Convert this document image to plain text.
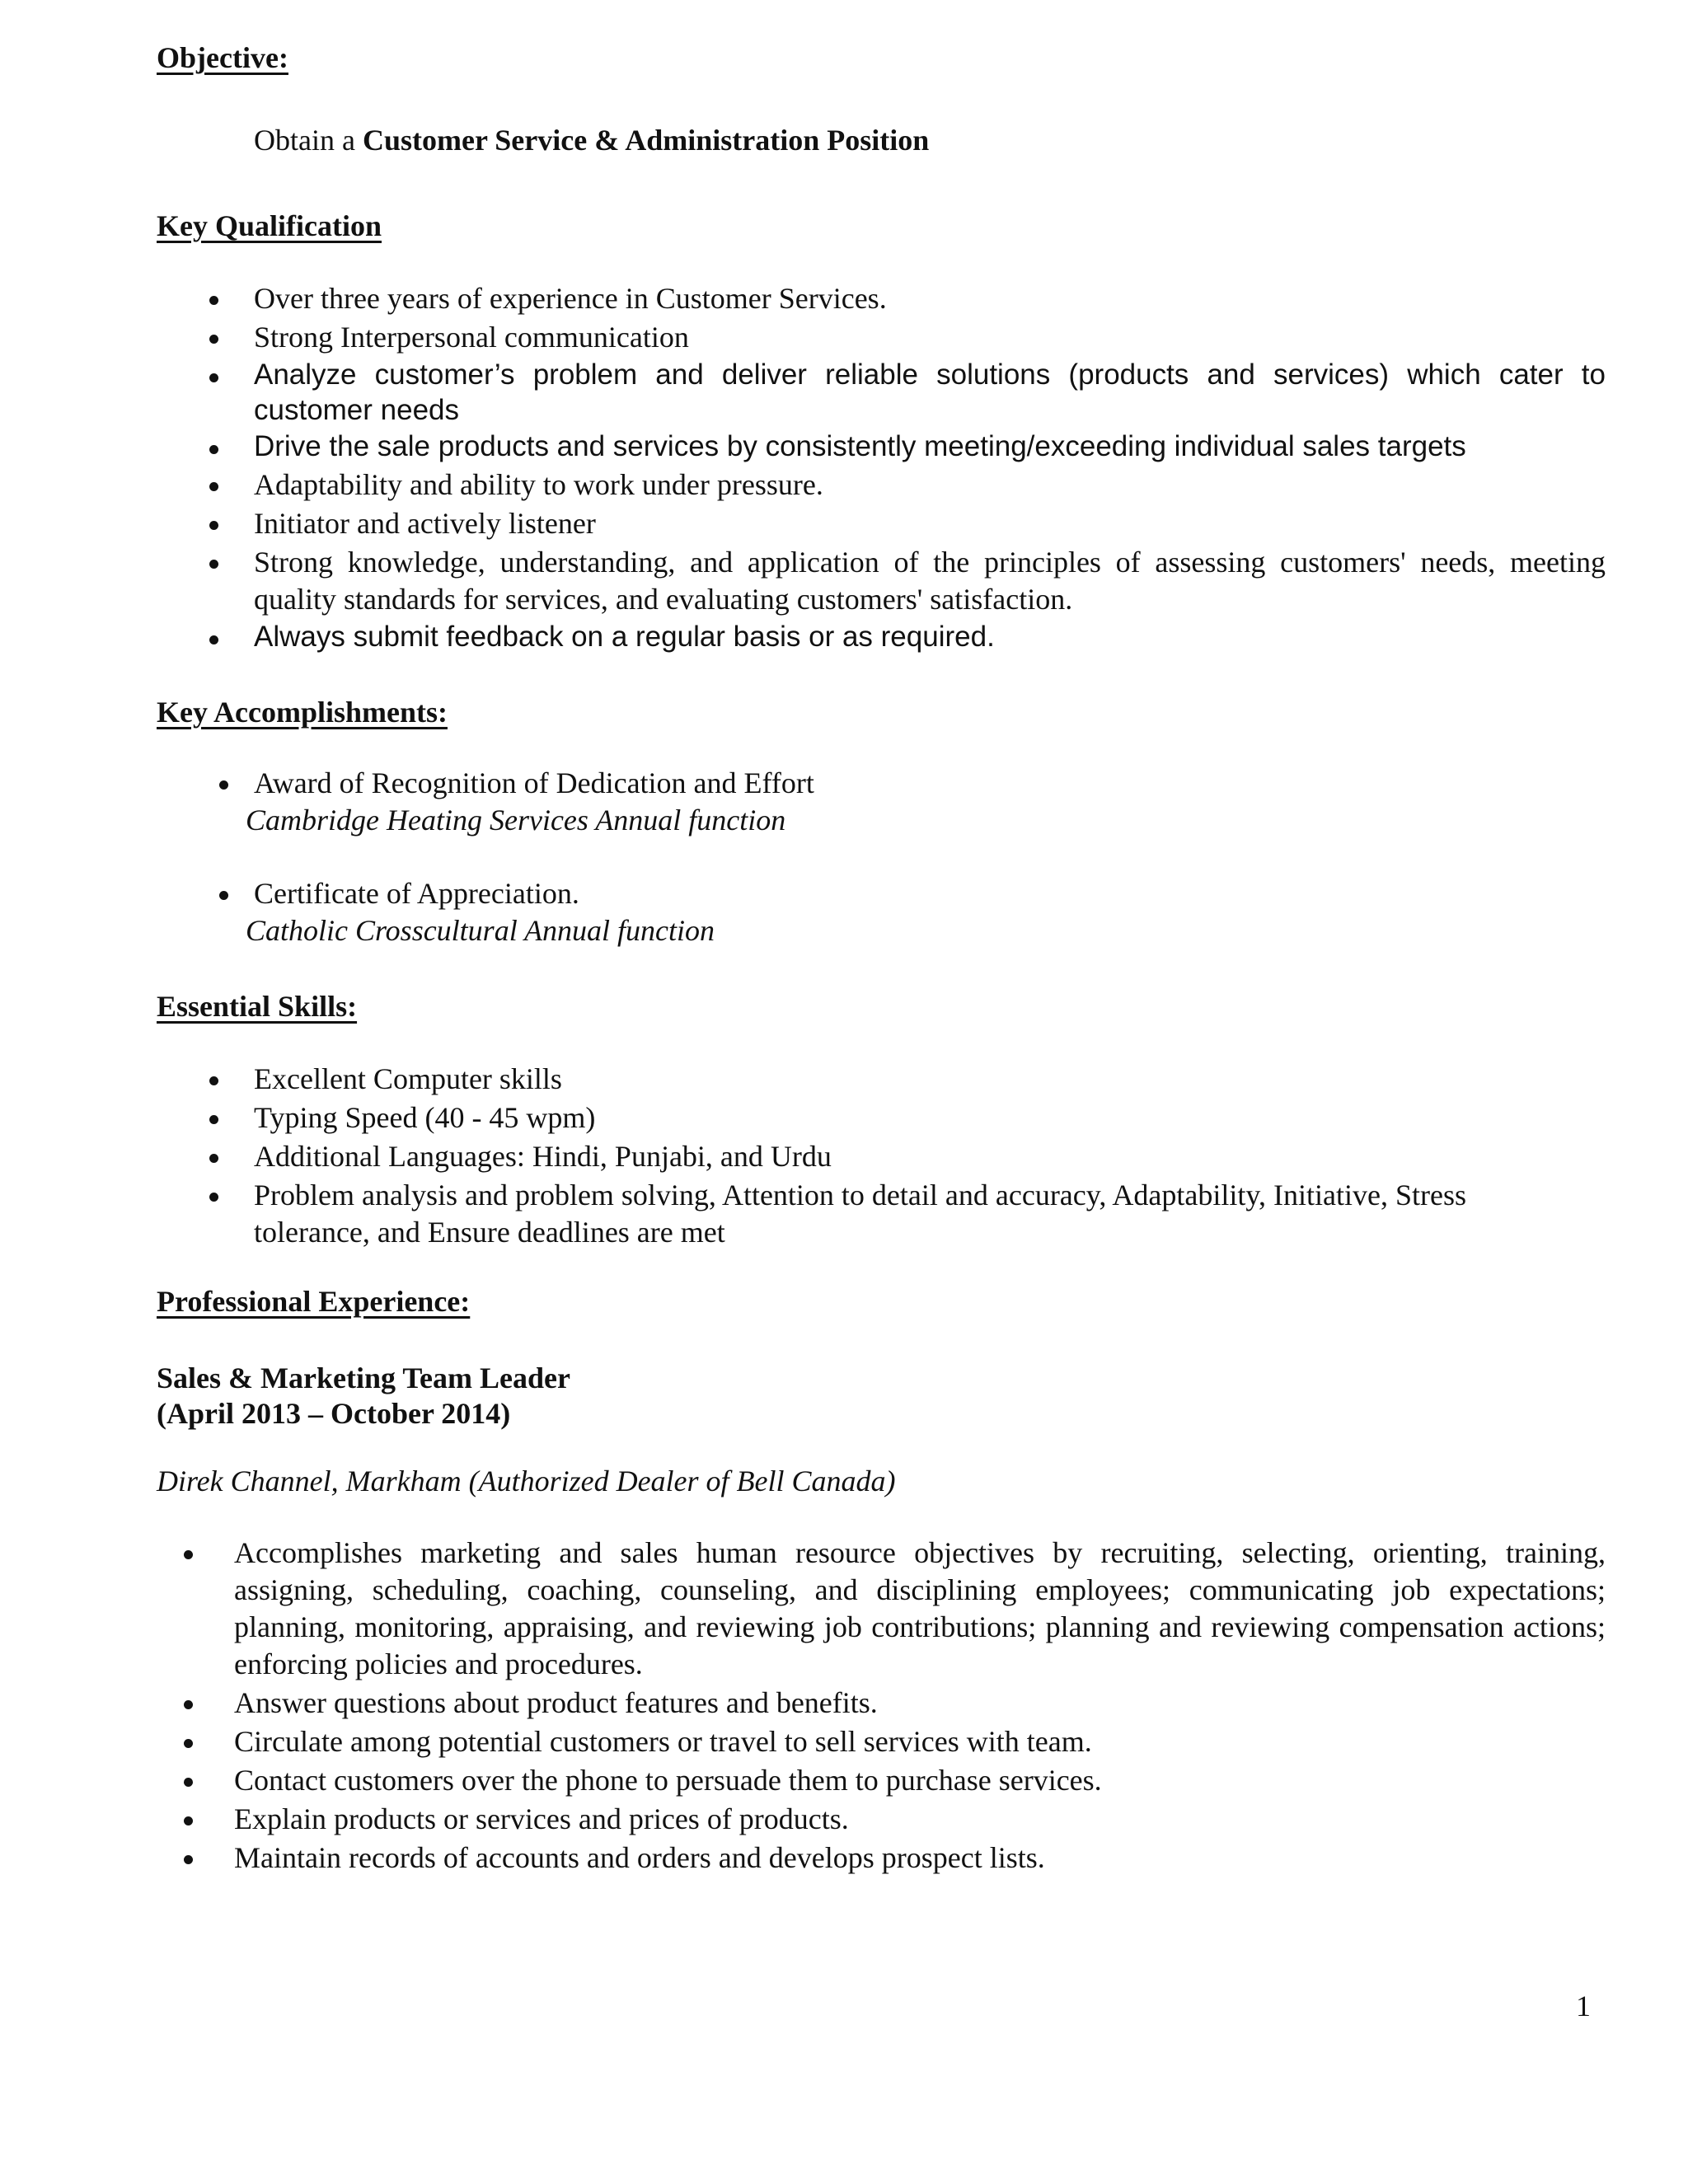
Objective:
Obtain a Customer Service & Administration Position
Key Qualification
Over three years of experience in Customer Services.
Strong Interpersonal communication
Analyze customer’s problem and deliver reliable solutions (products and services) which cater to customer needs
Drive the sale products and services by consistently meeting/exceeding individual sales targets
Adaptability and ability to work under pressure.
Initiator and actively listener
Strong knowledge, understanding, and application of the principles of assessing customers' needs, meeting quality standards for services, and evaluating customers' satisfaction.
Always submit feedback on a regular basis or as required.
Key Accomplishments:
Award of Recognition of Dedication and Effort
Cambridge Heating Services Annual function
Certificate of Appreciation.
Catholic Crosscultural Annual function
Essential Skills:
Excellent Computer skills
Typing Speed (40 - 45 wpm)
Additional Languages: Hindi, Punjabi, and Urdu
Problem analysis and problem solving, Attention to detail and accuracy, Adaptability, Initiative, Stress tolerance, and Ensure deadlines are met
Professional Experience:
Sales & Marketing Team Leader
(April 2013 – October 2014)
Direk Channel, Markham (Authorized Dealer of Bell Canada)
Accomplishes marketing and sales human resource objectives by recruiting, selecting, orienting, training, assigning, scheduling, coaching, counseling, and disciplining employees; communicating job expectations; planning, monitoring, appraising, and reviewing job contributions; planning and reviewing compensation actions; enforcing policies and procedures.
Answer questions about product features and benefits.
Circulate among potential customers or travel to sell services with team.
Contact customers over the phone to persuade them to purchase services.
Explain products or services and prices of products.
Maintain records of accounts and orders and develops prospect lists.
1
